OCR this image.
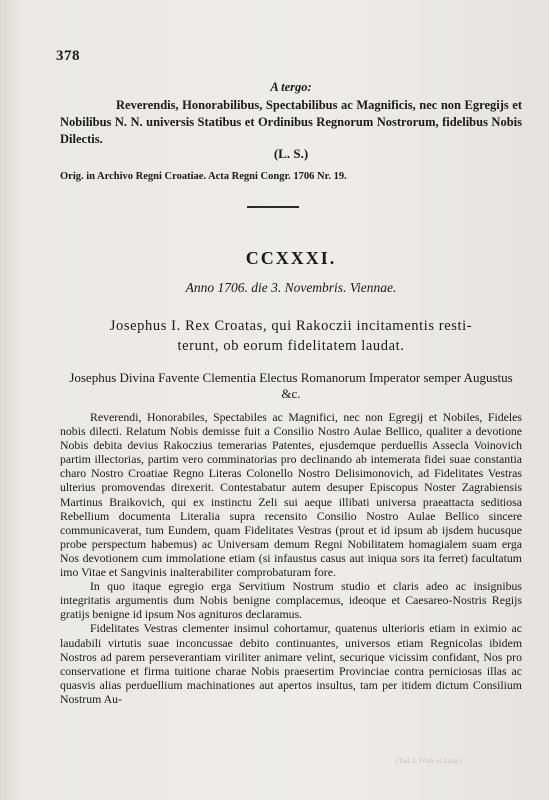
378
A tergo:

Reverendis, Honorabilibus, Spectabilibus ac Magnificis, nec non Egregijs et Nobilibus N. N. universis Statibus et Ordinibus Regnorum Nostrorum, fidelibus Nobis Dilectis.

(L. S.)
Orig. in Archivo Regni Croatiae. Acta Regni Congr. 1706 Nr. 19.
CCXXXI.
Anno 1706. die 3. Novembris. Viennae.
Josephus I. Rex Croatas, qui Rakoczii incitamentis resti-
terunt, ob eorum fidelitatem laudat.
Josephus Divina Favente Clementia Electus Romanorum Imperator semper Augustus &c.

Reverendi, Honorabiles, Spectabiles ac Magnifici, nec non Egregij et Nobiles, Fideles nobis dilecti. Relatum Nobis demisse fuit a Consilio Nostro Aulae Bellico, qualiter a devotione Nobis debita devius Rakoczius temerarias Patentes, ejusdemque perduellis Assecla Voinovich partim illectorias, partim vero comminatorias pro declinando ab intemerata fidei suae constantia charo Nostro Croatiae Regno Literas Colonello Nostro Delisimonovich, ad Fidelitates Vestras ulterius promovendas direxerit. Contestabatur autem desuper Episcopus Noster Zagrabiensis Martinus Braikovich, qui ex instinctu Zeli sui aeque illibati universa praeattacta seditiosa Rebellium documenta Literalia supra recensito Consilio Nostro Aulae Bellico sincere communicaverat, tum Eundem, quam Fidelitates Vestras (prout et id ipsum ab ijsdem hucusque probe perspectum habemus) ac Universam demum Regni Nobilitatem homagialem suam erga Nos devotionem cum immolatione etiam (si infaustus casus aut iniqua sors ita ferret) facultatum imo Vitae et Sangvinis inalterabiliter comprobaturam fore.

In quo itaque egregio erga Servitium Nostrum studio et claris adeo ac insignibus integritatis argumentis dum Nobis benigne complacemus, ideoque et Caesareo-Nostris Regijs gratijs benigne id ipsum Nos agnituros declaramus.

Fidelitates Vestras clementer insimul cohortamur, quatenus ulterioris etiam in eximio ac laudabili virtutis suae inconcussae debito continuantes, universos etiam Regnicolas ibidem Nostros ad parem perseverantiam viriliter animare velint, securique vicissim confidant, Nos pro conservatione et firma tuitione charae Nobis praesertim Provinciae contra perniciosas illas ac quasvis alias perduellium machinationes aut apertos insultus, tam per itidem dictum Consilium Nostrum Au-

[Tud. I. Frish. et Lang.]
